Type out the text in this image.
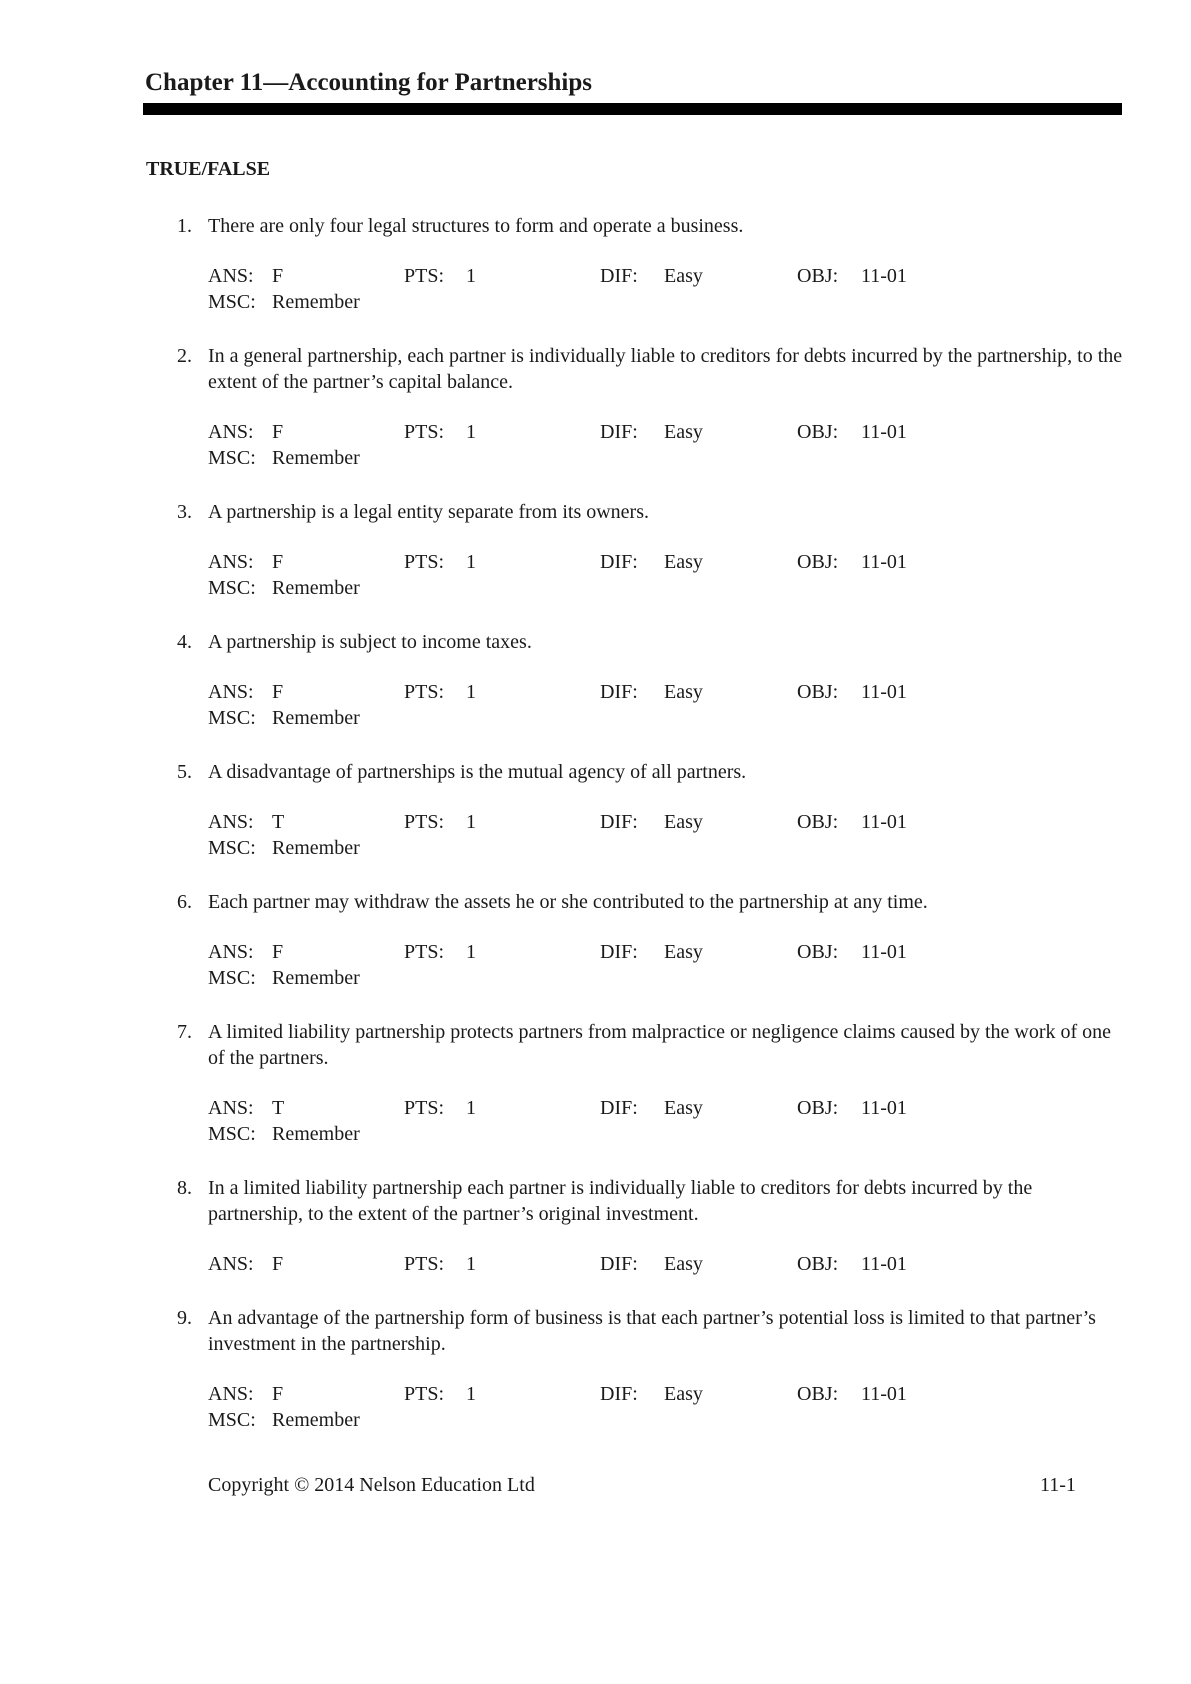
Chapter 11—Accounting for Partnerships
TRUE/FALSE
1. There are only four legal structures to form and operate a business.
ANS: F	PTS: 1	DIF: Easy	OBJ: 11-01
MSC: Remember
2. In a general partnership, each partner is individually liable to creditors for debts incurred by the partnership, to the extent of the partner’s capital balance.
ANS: F	PTS: 1	DIF: Easy	OBJ: 11-01
MSC: Remember
3. A partnership is a legal entity separate from its owners.
ANS: F	PTS: 1	DIF: Easy	OBJ: 11-01
MSC: Remember
4. A partnership is subject to income taxes.
ANS: F	PTS: 1	DIF: Easy	OBJ: 11-01
MSC: Remember
5. A disadvantage of partnerships is the mutual agency of all partners.
ANS: T	PTS: 1	DIF: Easy	OBJ: 11-01
MSC: Remember
6. Each partner may withdraw the assets he or she contributed to the partnership at any time.
ANS: F	PTS: 1	DIF: Easy	OBJ: 11-01
MSC: Remember
7. A limited liability partnership protects partners from malpractice or negligence claims caused by the work of one of the partners.
ANS: T	PTS: 1	DIF: Easy	OBJ: 11-01
MSC: Remember
8. In a limited liability partnership each partner is individually liable to creditors for debts incurred by the partnership, to the extent of the partner’s original investment.
ANS: F	PTS: 1	DIF: Easy	OBJ: 11-01
9. An advantage of the partnership form of business is that each partner’s potential loss is limited to that partner’s investment in the partnership.
ANS: F	PTS: 1	DIF: Easy	OBJ: 11-01
MSC: Remember
Copyright © 2014 Nelson Education Ltd	11-1
